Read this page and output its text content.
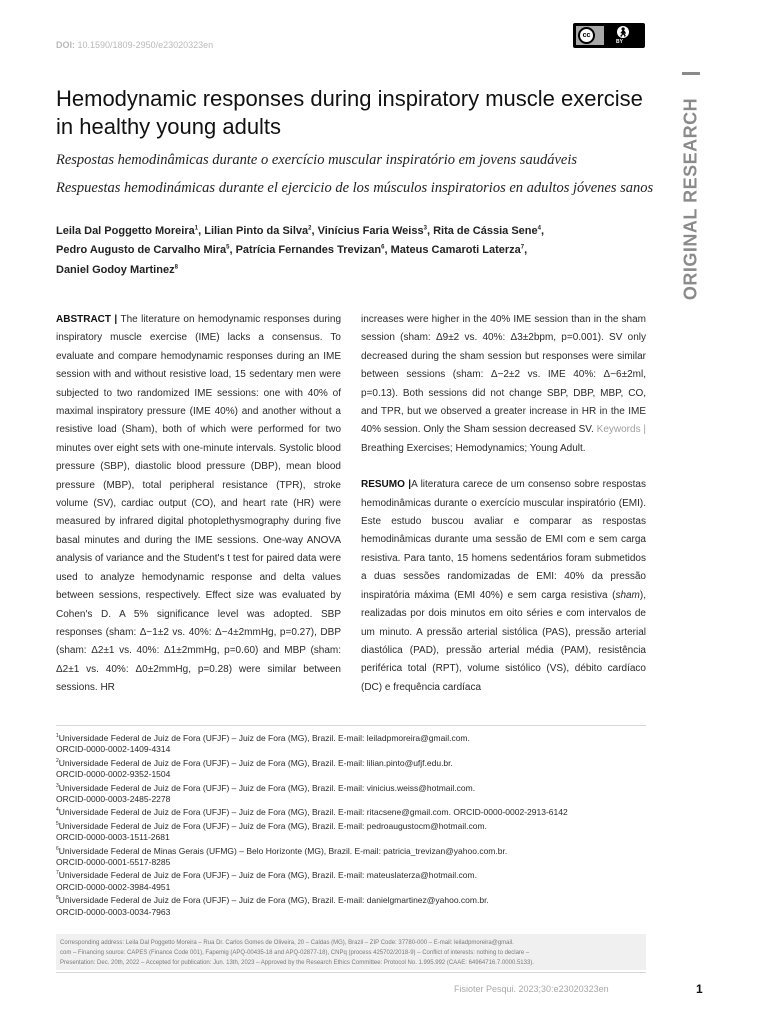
DOI: 10.1590/1809-2950/e23020323en
cc	🚶︎
BY
ORIGINAL RESEARCH
Hemodynamic responses during inspiratory muscle exercise in healthy young adults

Respostas hemodinâmicas durante o exercício muscular inspiratório em jovens saudáveis

Respuestas hemodinámicas durante el ejercicio de los músculos inspiratorios en adultos jóvenes sanos

Leila Dal Poggetto Moreira$^1$, Lilian Pinto da Silva$^2$, Vinícius Faria Weiss$^3$, Rita de Cássia Sene$^4$,
Pedro Augusto de Carvalho Mira$^5$, Patrícia Fernandes Trevizan$^6$, Mateus Camaroti Laterza$^7$,
Daniel Godoy Martinez$^8$

ABSTRACT | The literature on hemodynamic responses during inspiratory muscle exercise (IME) lacks a consensus. To evaluate and compare hemodynamic responses during an IME session with and without resistive load, 15 sedentary men were subjected to two randomized IME sessions: one with 40% of maximal inspiratory pressure (IME 40%) and another without a resistive load (Sham), both of which were performed for two minutes over eight sets with one-minute intervals. Systolic blood pressure (SBP), diastolic blood pressure (DBP), mean blood pressure (MBP), total peripheral resistance (TPR), stroke volume (SV), cardiac output (CO), and heart rate (HR) were measured by infrared digital photoplethysmography during five basal minutes and during the IME sessions. One-way ANOVA analysis of variance and the Student's t test for paired data were used to analyze hemodynamic response and delta values between sessions, respectively. Effect size was evaluated by Cohen's D. A 5% significance level was adopted. SBP responses (sham: Δ−1±2 vs. 40%: Δ−4±2mmHg, p=0.27), DBP (sham: Δ2±1 vs. 40%: Δ1±2mmHg, p=0.60) and MBP (sham: Δ2±1 vs. 40%: Δ0±2mmHg, p=0.28) were similar between sessions. HR

increases were higher in the 40% IME session than in the sham session (sham: Δ9±2 vs. 40%: Δ3±2bpm, p=0.001). SV only decreased during the sham session but responses were similar between sessions (sham: Δ−2±2 vs. IME 40%: Δ−6±2ml, p=0.13). Both sessions did not change SBP, DBP, MBP, CO, and TPR, but we observed a greater increase in HR in the IME 40% session. Only the Sham session decreased SV. Keywords | Breathing Exercises; Hemodynamics; Young Adult.
RESUMO |A literatura carece de um consenso sobre respostas hemodinâmicas durante o exercício muscular inspiratório (EMI). Este estudo buscou avaliar e comparar as respostas hemodinâmicas durante uma sessão de EMI com e sem carga resistiva. Para tanto, 15 homens sedentários foram submetidos a duas sessões randomizadas de EMI: 40% da pressão inspiratória máxima (EMI 40%) e sem carga resistiva (sham), realizadas por dois minutos em oito séries e com intervalos de um minuto. A pressão arterial sistólica (PAS), pressão arterial diastólica (PAD), pressão arterial média (PAM), resistência periférica total (RPT), volume sistólico (VS), débito cardíaco (DC) e frequência cardíaca
$^1$Universidade Federal de Juiz de Fora (UFJF) – Juiz de Fora (MG), Brazil. E-mail: leiladpmoreira@gmail.com.
ORCID-0000-0002-1409-4314
$^2$Universidade Federal de Juiz de Fora (UFJF) – Juiz de Fora (MG), Brazil. E-mail: lilian.pinto@ufjf.edu.br.
ORCID-0000-0002-9352-1504
$^3$Universidade Federal de Juiz de Fora (UFJF) – Juiz de Fora (MG), Brazil. E-mail: vinicius.weiss@hotmail.com.
ORCID-0000-0003-2485-2278
$^4$Universidade Federal de Juiz de Fora (UFJF) – Juiz de Fora (MG), Brazil. E-mail: ritacsene@gmail.com. ORCID-0000-0002-2913-6142
$^5$Universidade Federal de Juiz de Fora (UFJF) – Juiz de Fora (MG), Brazil. E-mail: pedroaugustocm@hotmail.com.
ORCID-0000-0003-1511-2681
$^6$Universidade Federal de Minas Gerais (UFMG) – Belo Horizonte (MG), Brazil. E-mail: patricia_trevizan@yahoo.com.br.
ORCID-0000-0001-5517-8285
$^7$Universidade Federal de Juiz de Fora (UFJF) – Juiz de Fora (MG), Brazil. E-mail: mateuslaterza@hotmail.com.
ORCID-0000-0002-3984-4951
$^8$Universidade Federal de Juiz de Fora (UFJF) – Juiz de Fora (MG), Brazil. E-mail: danielgmartinez@yahoo.com.br.
ORCID-0000-0003-0034-7963
Corresponding address: Leila Dal Poggetto Moreira – Rua Dr. Carlos Gomes de Oliveira, 20 – Caldas (MG), Brazil – ZIP Code: 37780-000 – E-mail: leiladpmoreira@gmail.
com – Financing source: CAPES (Finance Code 001), Fapemig (APQ-00435-18 and APQ-02877-18), CNPq (process 425702/2018-9) – Conflict of interests: nothing to declare –
Presentation: Dec. 20th, 2022 – Accepted for publication: Jun. 13th, 2023 – Approved by the Research Ethics Committee: Protocol No. 1.995.992 (CAAE: 64964716.7.0000.5133).
Fisioter Pesqui. 2023;30:e23020323en	1
